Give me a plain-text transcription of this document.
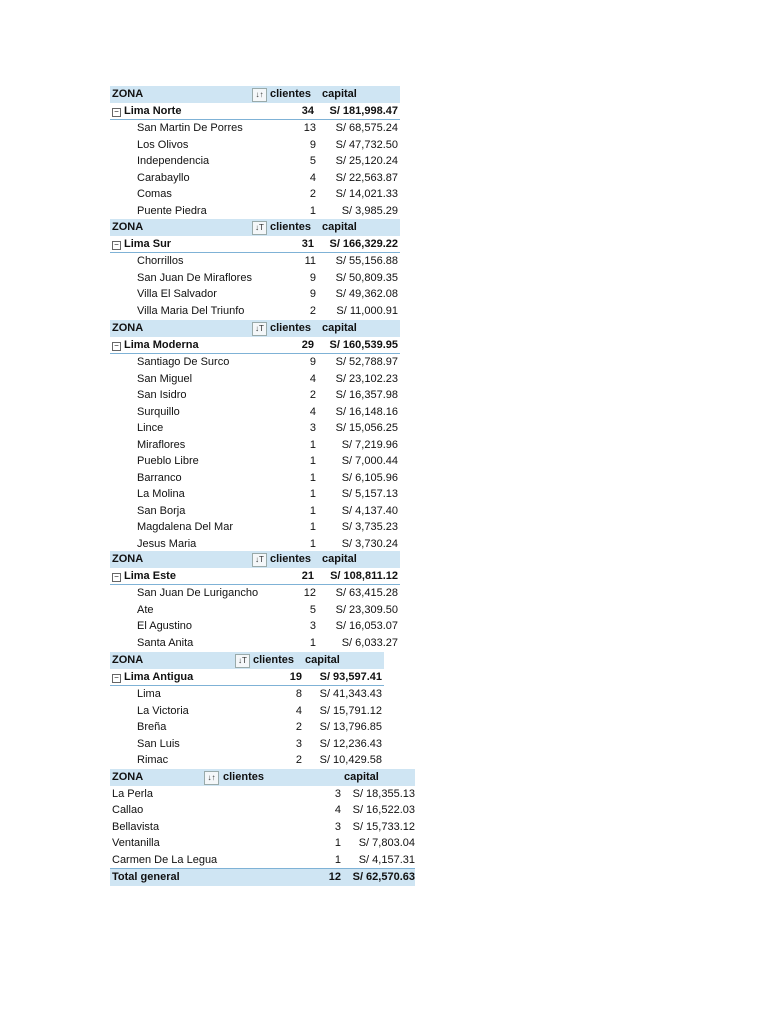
ZONA	↓↑ clientes capital
− Lima Norte	34 S/ 181,998.47
San Martin De Porres	13 S/ 68,575.24
Los Olivos	9 S/ 47,732.50
Independencia	5 S/ 25,120.24
Carabayllo	4 S/ 22,563.87
Comas	2 S/ 14,021.33
Puente Piedra	1 S/ 3,985.29
ZONA	↓T clientes capital
− Lima Sur	31 S/ 166,329.22
Chorrillos	11 S/ 55,156.88
San Juan De Miraflores	9 S/ 50,809.35
Villa El Salvador	9 S/ 49,362.08
Villa Maria Del Triunfo	2 S/ 11,000.91
ZONA	↓T clientes capital
− Lima Moderna	29 S/ 160,539.95
Santiago De Surco	9 S/ 52,788.97
San Miguel	4 S/ 23,102.23
San Isidro	2 S/ 16,357.98
Surquillo	4 S/ 16,148.16
Lince	3 S/ 15,056.25
Miraflores	1 S/ 7,219.96
Pueblo Libre	1 S/ 7,000.44
Barranco	1 S/ 6,105.96
La Molina	1 S/ 5,157.13
San Borja	1 S/ 4,137.40
Magdalena Del Mar	1 S/ 3,735.23
Jesus Maria	1 S/ 3,730.24
ZONA	↓T clientes capital
− Lima Este	21 S/ 108,811.12
San Juan De Lurigancho	12 S/ 63,415.28
Ate	5 S/ 23,309.50
El Agustino	3 S/ 16,053.07
Santa Anita	1 S/ 6,033.27
ZONA	↓T clientes capital
− Lima Antigua	19 S/ 93,597.41
Lima	8 S/ 41,343.43
La Victoria	4 S/ 15,791.12
Breña	2 S/ 13,796.85
San Luis	3 S/ 12,236.43
Rimac	2 S/ 10,429.58
ZONA	↓↑ clientes	capital
La Perla	3 S/ 18,355.13
Callao	4 S/ 16,522.03
Bellavista	3 S/ 15,733.12
Ventanilla	1 S/ 7,803.04
Carmen De La Legua	1 S/ 4,157.31
Total general	12 S/ 62,570.63
